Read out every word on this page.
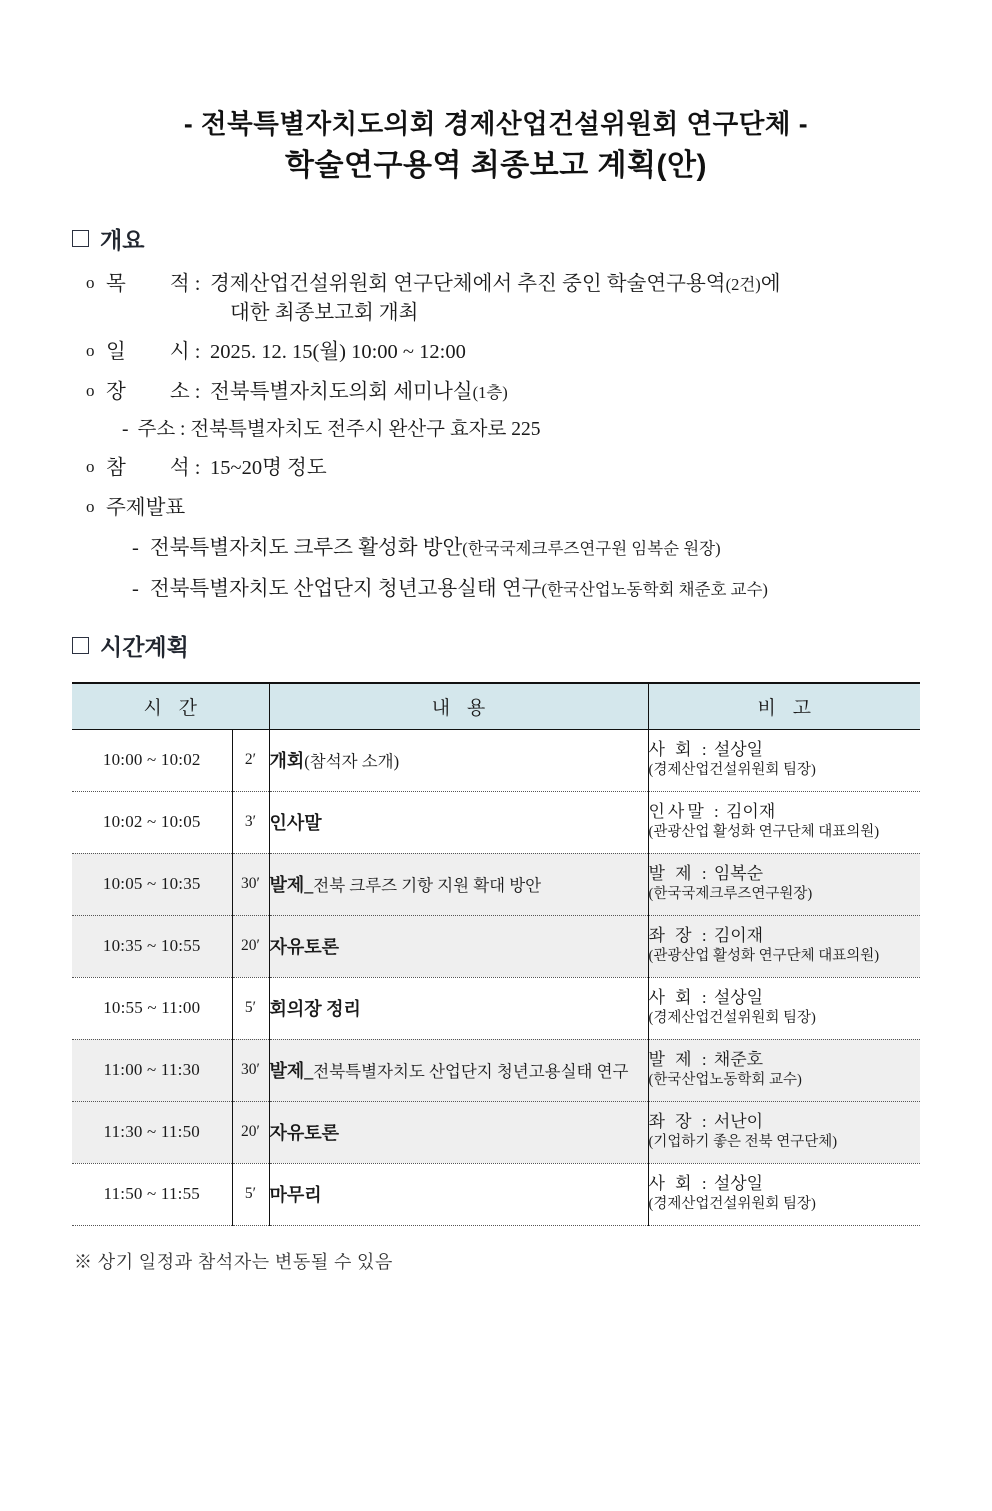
- 전북특별자치도의회 경제산업건설위원회 연구단체 -
학술연구용역 최종보고 계획(안)
개요
o 목 적 : 경제산업건설위원회 연구단체에서 추진 중인 학술연구용역(2건)에
대한 최종보고회 개최
o 일 시 : 2025. 12. 15(월) 10:00 ~ 12:00
o 장 소 : 전북특별자치도의회 세미나실(1층)
- 주소 : 전북특별자치도 전주시 완산구 효자로 225
o 참 석 : 15~20명 정도
o 주제발표
- 전북특별자치도 크루즈 활성화 방안(한국국제크루즈연구원 임복순 원장)
- 전북특별자치도 산업단지 청년고용실태 연구(한국산업노동학회 채준호 교수)
시간계획
시 간		내 용	비 고
10:00 ~ 10:02	2′	개회(참석자 소개)	사 회 : 설상일
(경제산업건설위원회 팀장)

10:02 ~ 10:05	3′	인사말	인사말 : 김이재
(관광산업 활성화 연구단체 대표의원)

10:05 ~ 10:35	30′	발제_전북 크루즈 기항 지원 확대 방안	발 제 : 임복순
(한국국제크루즈연구원장)

10:35 ~ 10:55	20′	자유토론	좌 장 : 김이재
(관광산업 활성화 연구단체 대표의원)

10:55 ~ 11:00	5′	회의장 정리	사 회 : 설상일
(경제산업건설위원회 팀장)

11:00 ~ 11:30	30′	발제_전북특별자치도 산업단지 청년고용실태 연구	발 제 : 채준호
(한국산업노동학회 교수)

11:30 ~ 11:50	20′	자유토론	좌 장 : 서난이
(기업하기 좋은 전북 연구단체)

11:50 ~ 11:55	5′	마무리	사 회 : 설상일
(경제산업건설위원회 팀장)
※ 상기 일정과 참석자는 변동될 수 있음
